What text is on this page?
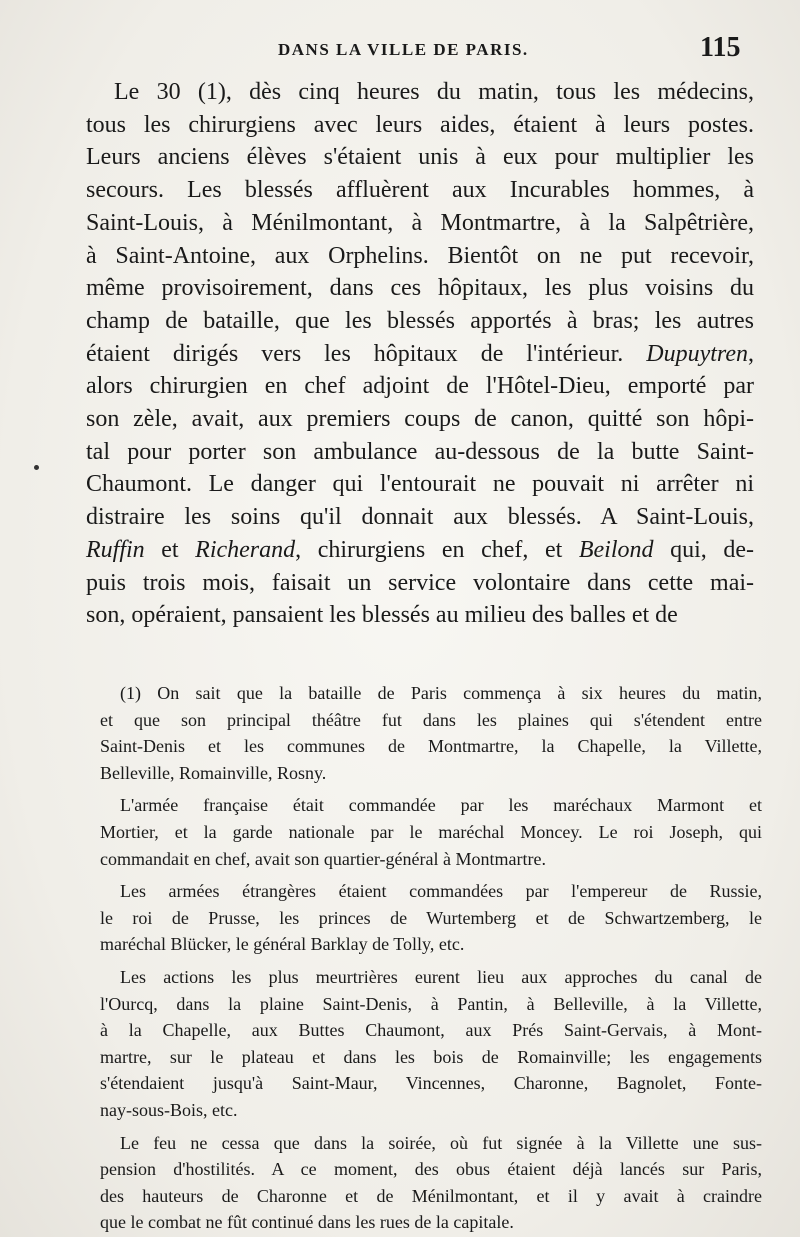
DANS LA VILLE DE PARIS.	115
Le 30 (1), dès cinq heures du matin, tous les médecins,
tous les chirurgiens avec leurs aides, étaient à leurs postes.
Leurs anciens élèves s'étaient unis à eux pour multiplier les
secours. Les blessés affluèrent aux Incurables hommes, à
Saint-Louis, à Ménilmontant, à Montmartre, à la Salpêtrière,
à Saint-Antoine, aux Orphelins. Bientôt on ne put recevoir,
même provisoirement, dans ces hôpitaux, les plus voisins du
champ de bataille, que les blessés apportés à bras; les autres
étaient dirigés vers les hôpitaux de l'intérieur. Dupuytren,
alors chirurgien en chef adjoint de l'Hôtel-Dieu, emporté par
son zèle, avait, aux premiers coups de canon, quitté son hôpi-
tal pour porter son ambulance au-dessous de la butte Saint-
Chaumont. Le danger qui l'entourait ne pouvait ni arrêter ni
distraire les soins qu'il donnait aux blessés. A Saint-Louis,
Ruffin et Richerand, chirurgiens en chef, et Beilond qui, de-
puis trois mois, faisait un service volontaire dans cette mai-
son, opéraient, pansaient les blessés au milieu des balles et de
(1) On sait que la bataille de Paris commença à six heures du matin,
et que son principal théâtre fut dans les plaines qui s'étendent entre
Saint-Denis et les communes de Montmartre, la Chapelle, la Villette,
Belleville, Romainville, Rosny.
L'armée française était commandée par les maréchaux Marmont et
Mortier, et la garde nationale par le maréchal Moncey. Le roi Joseph, qui
commandait en chef, avait son quartier-général à Montmartre.
Les armées étrangères étaient commandées par l'empereur de Russie,
le roi de Prusse, les princes de Wurtemberg et de Schwartzemberg, le
maréchal Blücker, le général Barklay de Tolly, etc.
Les actions les plus meurtrières eurent lieu aux approches du canal de
l'Ourcq, dans la plaine Saint-Denis, à Pantin, à Belleville, à la Villette,
à la Chapelle, aux Buttes Chaumont, aux Prés Saint-Gervais, à Mont-
martre, sur le plateau et dans les bois de Romainville; les engagements
s'étendaient jusqu'à Saint-Maur, Vincennes, Charonne, Bagnolet, Fonte-
nay-sous-Bois, etc.
Le feu ne cessa que dans la soirée, où fut signée à la Villette une sus-
pension d'hostilités. A ce moment, des obus étaient déjà lancés sur Paris,
des hauteurs de Charonne et de Ménilmontant, et il y avait à craindre
que le combat ne fût continué dans les rues de la capitale.
